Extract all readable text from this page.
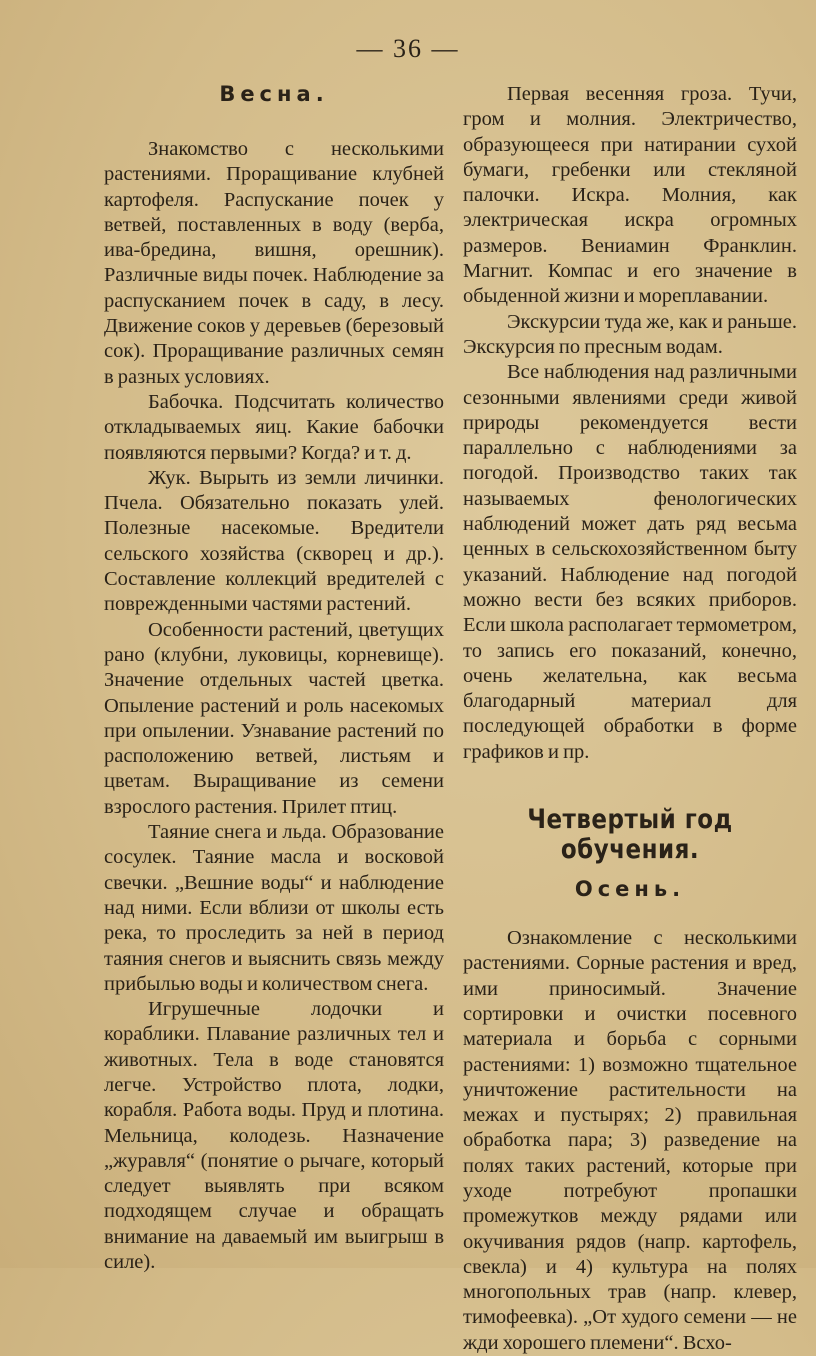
— 36 —
Весна.

Знакомство с несколькими растениями. Проращивание клубней картофеля. Распускание почек у ветвей, поставленных в воду (верба, ива-бредина, вишня, орешник). Различные виды почек. Наблюдение за распусканием почек в саду, в лесу. Движение соков у деревьев (березовый сок). Проращивание различных семян в разных условиях.

Бабочка. Подсчитать количество откладываемых яиц. Какие бабочки появляются первыми? Когда? и т. д.

Жук. Вырыть из земли личинки. Пчела. Обязательно показать улей. Полезные насекомые. Вредители сельского хозяйства (скворец и др.). Составление коллекций вредителей с поврежденными частями растений.

Особенности растений, цветущих рано (клубни, луковицы, корневище). Значение отдельных частей цветка. Опыление растений и роль насекомых при опылении. Узнавание растений по расположению ветвей, листьям и цветам. Выращивание из семени взрослого растения. Прилет птиц.

Таяние снега и льда. Образование сосулек. Таяние масла и восковой свечки. „Вешние воды“ и наблюдение над ними. Если вблизи от школы есть река, то проследить за ней в период таяния снегов и выяснить связь между прибылью воды и количеством снега.

Игрушечные лодочки и кораблики. Плавание различных тел и животных. Тела в воде становятся легче. Устройство плота, лодки, корабля. Работа воды. Пруд и плотина. Мельница, колодезь. Назначение „журавля“ (понятие о рычаге, который следует выявлять при всяком подходящем случае и обращать внимание на даваемый им выигрыш в силе).

Первая весенняя гроза. Тучи, гром и молния. Электричество, образующееся при натирании сухой бумаги, гребенки или стекляной палочки. Искра. Молния, как электрическая искра огромных размеров. Вениамин Франклин. Магнит. Компас и его значение в обыденной жизни и мореплавании.

Экскурсии туда же, как и раньше. Экскурсия по пресным водам.

Все наблюдения над различными сезонными явлениями среди живой природы рекомендуется вести параллельно с наблюдениями за погодой. Производство таких так называемых фенологических наблюдений может дать ряд весьма ценных в сельскохозяйственном быту указаний. Наблюдение над погодой можно вести без всяких приборов. Если школа располагает термометром, то запись его показаний, конечно, очень желательна, как весьма благодарный материал для последующей обработки в форме графиков и пр.

Четвертый год обучения.
Осень.

Ознакомление с несколькими растениями. Сорные растения и вред, ими приносимый. Значение сортировки и очистки посевного материала и борьба с сорными растениями: 1) возможно тщательное уничтожение растительности на межах и пустырях; 2) правильная обработка пара; 3) разведение на полях таких растений, которые при уходе потребуют пропашки промежутков между рядами или окучивания рядов (напр. картофель, свекла) и 4) культура на полях многопольных трав (напр. клевер, тимофеевка). „От худого семени — не жди хорошего племени“. Всхо-
